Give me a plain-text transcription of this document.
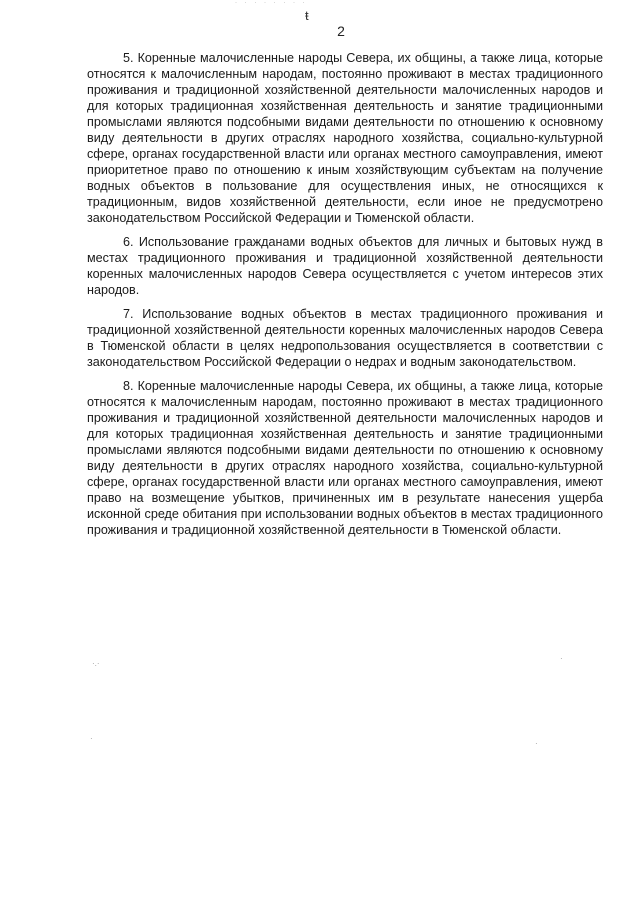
· · · · · · · ·
ŧ
2

5. Коренные малочисленные народы Севера, их общины, а также лица, которые относятся к малочисленным народам, постоянно проживают в местах традиционного проживания и традиционной хозяйственной деятельности малочисленных народов и для которых традиционная хозяйственная деятельность и занятие традиционными промыслами являются подсобными видами деятельности по отношению к основному виду деятельности в других отраслях народного хозяйства, социально-культурной сфере, органах государственной власти или органах местного самоуправления, имеют приоритетное право по отношению к иным хозяйствующим субъектам на получение водных объектов в пользование для осуществления иных, не относящихся к традиционным, видов хозяйственной деятельности, если иное не предусмотрено законодательством Российской Федерации и Тюменской области.

6. Использование гражданами водных объектов для личных и бытовых нужд в местах традиционного проживания и традиционной хозяйственной деятельности коренных малочисленных народов Севера осуществляется с учетом интересов этих народов.

7. Использование водных объектов в местах традиционного проживания и традиционной хозяйственной деятельности коренных малочисленных народов Севера в Тюменской области в целях недропользования осуществляется в соответствии с законодательством Российской Федерации о недрах и водным законодательством.

8. Коренные малочисленные народы Севера, их общины, а также лица, которые относятся к малочисленным народам, постоянно проживают в местах традиционного проживания и традиционной хозяйственной деятельности малочисленных народов и для которых традиционная хозяйственная деятельность и занятие традиционными промыслами являются подсобными видами деятельности по отношению к основному виду деятельности в других отраслях народного хозяйства, социально-культурной сфере, органах государственной власти или органах местного самоуправления, имеют право на возмещение убытков, причиненных им в результате нанесения ущерба исконной среде обитания при использовании водных объектов в местах традиционного проживания и традиционной хозяйственной деятельности в Тюменской области.

·.·
·
·
·
